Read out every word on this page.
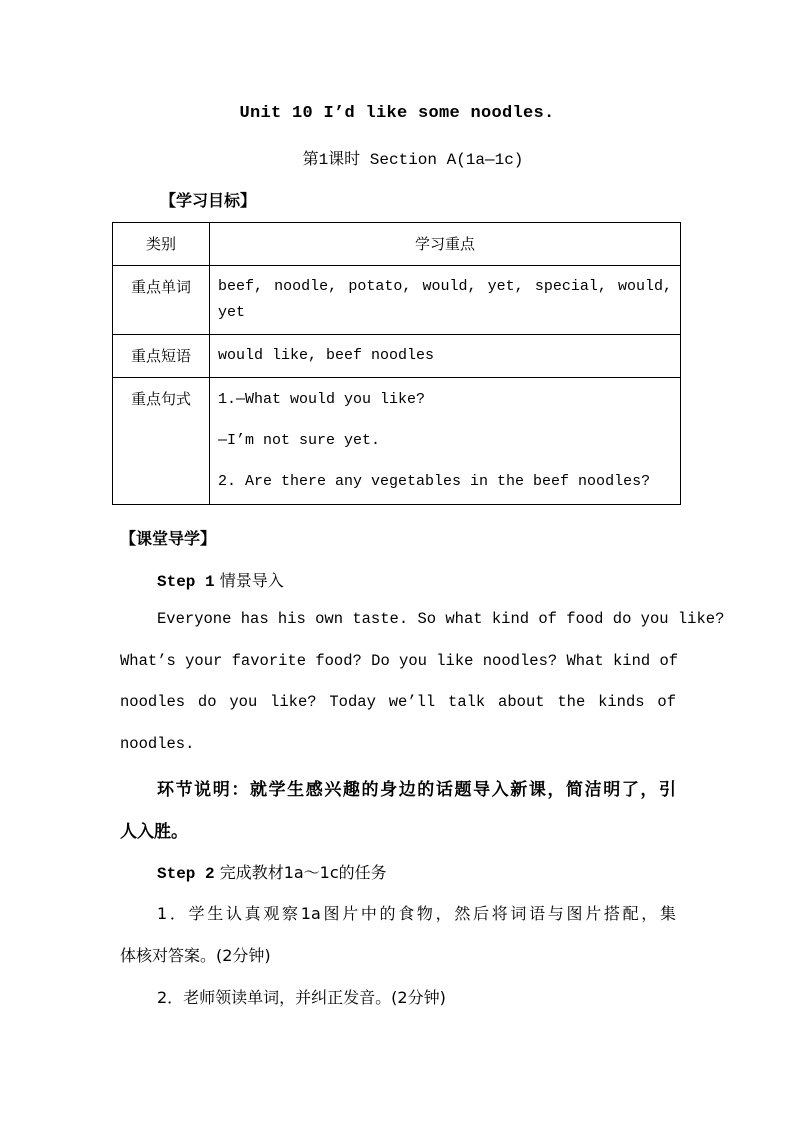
Unit 10 I’d like some noodles.
第1课时 Section A(1a—1c)
【学习目标】
类别	学习重点

重点单词	beef, noodle, potato, would, yet, special, would,
yet

重点短语	would like, beef noodles

重点句式	1.—What would you like?
—I’m not sure yet.
2. Are there any vegetables in the beef noodles?
【课堂导学】
Step 1 情景导入
Everyone has his own taste. So what kind of food do you like?
What’s your favorite food? Do you like noodles? What kind of
noodles do you like? Today we’ll talk about the kinds of
noodles.
环节说明：就学生感兴趣的身边的话题导入新课，简洁明了，引
人入胜。
Step 2 完成教材1a～1c的任务
1．学生认真观察1a图片中的食物，然后将词语与图片搭配，集
体核对答案。(2分钟)
2．老师领读单词，并纠正发音。(2分钟)
